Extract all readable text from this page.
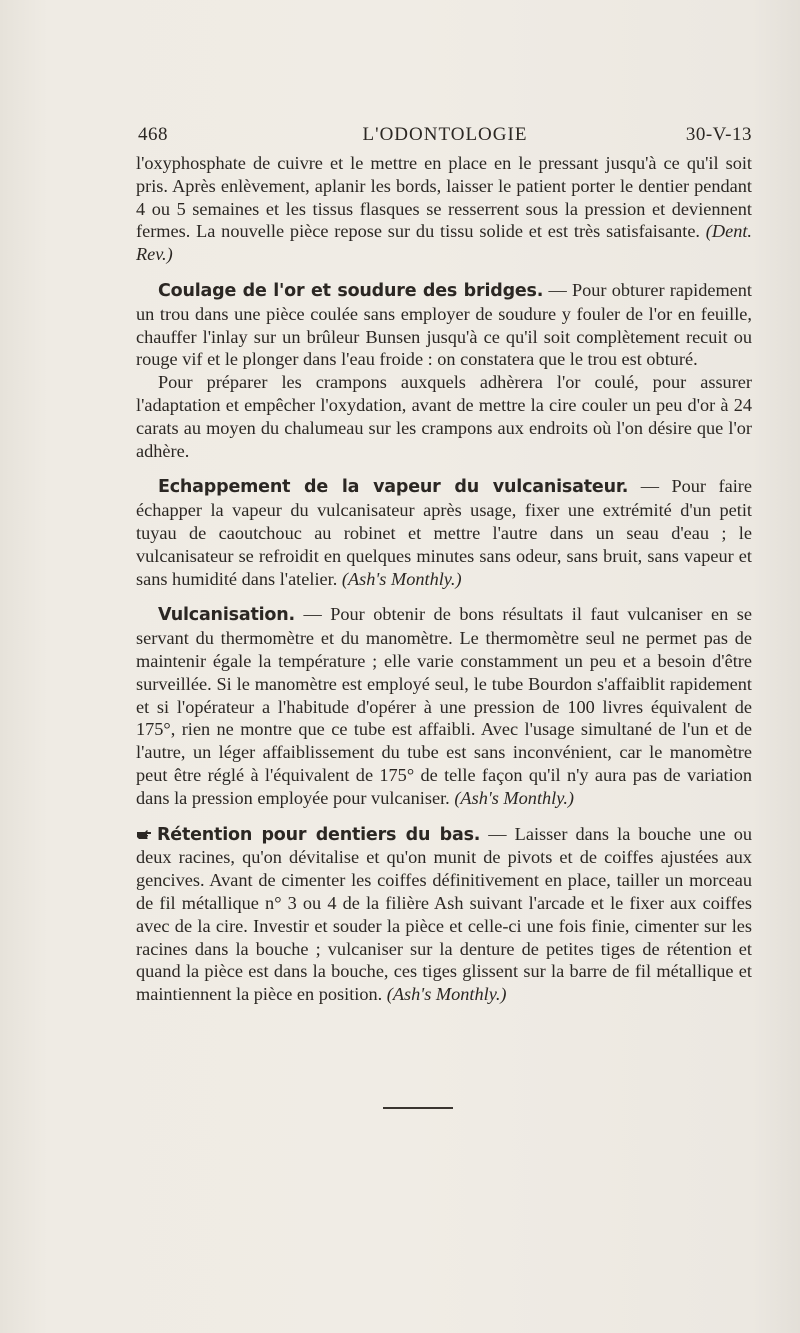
468	L'ODONTOLOGIE	30-V-13

l'oxyphosphate de cuivre et le mettre en place en le pressant jusqu'à ce qu'il soit pris. Après enlèvement, aplanir les bords, laisser le patient porter le dentier pendant 4 ou 5 semaines et les tissus flasques se resserrent sous la pression et deviennent fermes. La nouvelle pièce repose sur du tissu solide et est très satisfaisante. (Dent. Rev.)

Coulage de l'or et soudure des bridges. — Pour obturer rapidement un trou dans une pièce coulée sans employer de soudure y fouler de l'or en feuille, chauffer l'inlay sur un brûleur Bunsen jusqu'à ce qu'il soit complètement recuit ou rouge vif et le plonger dans l'eau froide : on constatera que le trou est obturé.

Pour préparer les crampons auxquels adhèrera l'or coulé, pour assurer l'adaptation et empêcher l'oxydation, avant de mettre la cire couler un peu d'or à 24 carats au moyen du chalumeau sur les crampons aux endroits où l'on désire que l'or adhère.

Echappement de la vapeur du vulcanisateur. — Pour faire échapper la vapeur du vulcanisateur après usage, fixer une extrémité d'un petit tuyau de caoutchouc au robinet et mettre l'autre dans un seau d'eau ; le vulcanisateur se refroidit en quelques minutes sans odeur, sans bruit, sans vapeur et sans humidité dans l'atelier. (Ash's Monthly.)

Vulcanisation. — Pour obtenir de bons résultats il faut vulcaniser en se servant du thermomètre et du manomètre. Le thermomètre seul ne permet pas de maintenir égale la température ; elle varie constamment un peu et a besoin d'être surveillée. Si le manomètre est employé seul, le tube Bourdon s'affaiblit rapidement et si l'opérateur a l'habitude d'opérer à une pression de 100 livres équivalent de 175°, rien ne montre que ce tube est affaibli. Avec l'usage simultané de l'un et de l'autre, un léger affaiblissement du tube est sans inconvénient, car le manomètre peut être réglé à l'équivalent de 175° de telle façon qu'il n'y aura pas de variation dans la pression employée pour vulcaniser. (Ash's Monthly.)

Rétention pour dentiers du bas. — Laisser dans la bouche une ou deux racines, qu'on dévitalise et qu'on munit de pivots et de coiffes ajustées aux gencives. Avant de cimenter les coiffes définitivement en place, tailler un morceau de fil métallique n° 3 ou 4 de la filière Ash suivant l'arcade et le fixer aux coiffes avec de la cire. Investir et souder la pièce et celle-ci une fois finie, cimenter sur les racines dans la bouche ; vulcaniser sur la denture de petites tiges de rétention et quand la pièce est dans la bouche, ces tiges glissent sur la barre de fil métallique et maintiennent la pièce en position. (Ash's Monthly.)
